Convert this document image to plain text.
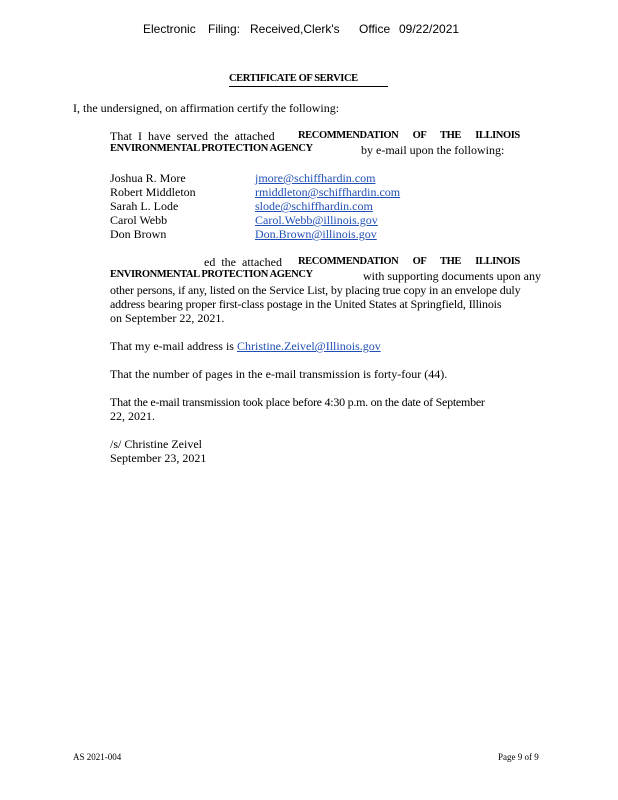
Electronic Filing: Received,Clerk's Office 09/22/2021
CERTIFICATE OF SERVICE
I, the undersigned, on affirmation certify the following:
That I have served the attached RECOMMENDATION OF THE ILLINOIS
ENVIRONMENTAL PROTECTION AGENCY	by e-mail upon the following:
Joshua R. More	jmore@schiffhardin.com
Robert Middleton	rmiddleton@schiffhardin.com
Sarah L. Lode	slode@schiffhardin.com
Carol Webb	Carol.Webb@illinois.gov
Don Brown	Don.Brown@illinois.gov
ed the attached RECOMMENDATION OF THE ILLINOIS
ENVIRONMENTAL PROTECTION AGENCY	with supporting documents upon any
other persons, if any, listed on the Service List, by placing true copy in an envelope duly
address bearing proper first-class postage in the United States at Springfield, Illinois
on September 22, 2021.
That my e-mail address is Christine.Zeivel@Illinois.gov
That the number of pages in the e-mail transmission is forty-four (44).
That the e-mail transmission took place before 4:30 p.m. on the date of September
22, 2021.
/s/ Christine Zeivel
September 23, 2021
AS 2021-004	Page 9 of 9
